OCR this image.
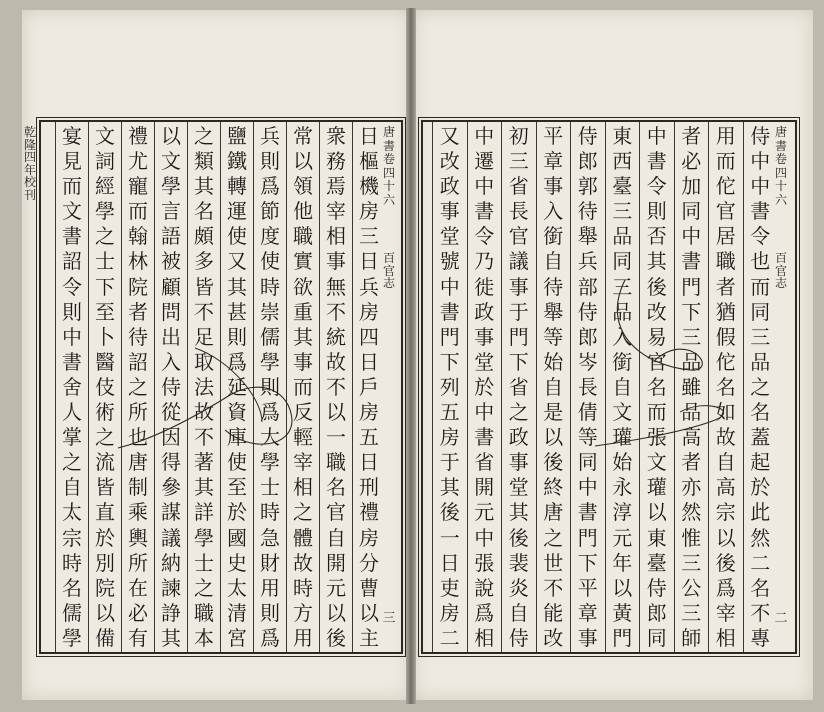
日
樞
機
房
三
日
兵
房
四
日
戶
房
五
日
刑
禮
房
分
曹
以
主
衆
務
焉
宰
相
事
無
不
統
故
不
以
一
職
名
官
自
開
元
以
後
常
以
領
他
職
實
欲
重
其
事
而
反
輕
宰
相
之
體
故
時
方
用
兵
則
爲
節
度
使
時
崇
儒
學
則
爲
大
學
士
時
急
財
用
則
爲
鹽
鐵
轉
運
使
又
其
甚
則
爲
延
資
庫
使
至
於
國
史
太
清
宮
之
類
其
名
頗
多
皆
不
足
取
法
故
不
著
其
詳
學
士
之
職
本
以
文
學
言
語
被
顧
問
出
入
侍
從
因
得
參
謀
議
納
諫
諍
其
禮
尤
寵
而
翰
林
院
者
待
詔
之
所
也
唐
制
乘
輿
所
在
必
有
文
詞
經
學
之
士
下
至
卜
醫
伎
術
之
流
皆
直
於
別
院
以
備
宴
見
而
文
書
詔
令
則
中
書
舍
人
掌
之
自
太
宗
時
名
儒
學
侍
中
中
書
令
也
而
同
三
品
之
名
蓋
起
於
此
然
二
名
不
專
用
而
佗
官
居
職
者
猶
假
佗
名
如
故
自
高
宗
以
後
爲
宰
相
者
必
加
同
中
書
門
下
三
品
雖
品
高
者
亦
然
惟
三
公
三
師
中
書
令
則
否
其
後
改
易
官
名
而
張
文
瓘
以
東
臺
侍
郎
同
東
西
臺
三
品
同
三
品
入
銜
自
文
瓘
始
永
淳
元
年
以
黃
門
侍
郎
郭
待
舉
兵
部
侍
郎
岑
長
倩
等
同
中
書
門
下
平
章
事
平
章
事
入
銜
自
待
舉
等
始
自
是
以
後
終
唐
之
世
不
能
改
初
三
省
長
官
議
事
于
門
下
省
之
政
事
堂
其
後
裴
炎
自
侍
中
遷
中
書
令
乃
徙
政
事
堂
於
中
書
省
開
元
中
張
說
爲
相
又
改
政
事
堂
號
中
書
門
下
列
五
房
于
其
後
一
日
吏
房
二
乾
隆
四
年
校
刊
唐
書
卷
四
十
六
百
官
志
三
唐
書
卷
四
十
六
百
官
志
二
